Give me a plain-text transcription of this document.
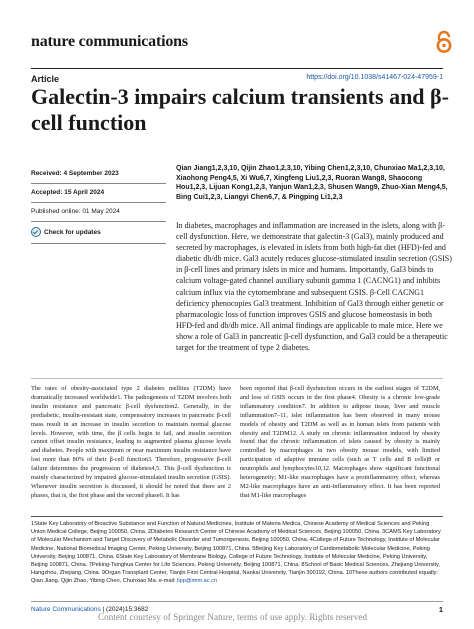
nature communications
Article	https://doi.org/10.1038/s41467-024-47959-1
Galectin-3 impairs calcium transients and β-cell function
Received: 4 September 2023
Accepted: 15 April 2024
Published online: 01 May 2024
Check for updates
Qian Jiang1,2,3,10, Qijin Zhao1,2,3,10, Yibing Chen1,2,3,10, Chunxiao Ma1,2,3,10, Xiaohong Peng4,5, Xi Wu6,7, Xingfeng Liu1,2,3, Ruoran Wang8, Shaocong Hou1,2,3, Lijuan Kong1,2,3, Yanjun Wan1,2,3, Shusen Wang9, Zhuo-Xian Meng4,5, Bing Cui1,2,3, Liangyi Chen6,7, & Pingping Li1,2,3
In diabetes, macrophages and inflammation are increased in the islets, along with β-cell dysfunction. Here, we demonstrate that galectin-3 (Gal3), mainly produced and secreted by macrophages, is elevated in islets from both high-fat diet (HFD)-fed and diabetic db/db mice. Gal3 acutely reduces glucose-stimulated insulin secretion (GSIS) in β-cell lines and primary islets in mice and humans. Importantly, Gal3 binds to calcium voltage-gated channel auxiliary subunit gamma 1 (CACNG1) and inhibits calcium influx via the cytomembrane and subsequent GSIS. β-Cell CACNG1 deficiency phenocopies Gal3 treatment. Inhibition of Gal3 through either genetic or pharmacologic loss of function improves GSIS and glucose homeostasis in both HFD-fed and db/db mice. All animal findings are applicable to male mice. Here we show a role of Gal3 in pancreatic β-cell dysfunction, and Gal3 could be a therapeutic target for the treatment of type 2 diabetes.
The rates of obesity-associated type 2 diabetes mellitus (T2DM) have dramatically increased worldwide1. The pathogenesis of T2DM involves both insulin resistance and pancreatic β-cell dysfunction2. Generally, in the prediabetic, insulin-resistant state, compensatory increases in pancreatic β-cell mass result in an increase in insulin secretion to maintain normal glucose levels. However, with time, the β cells begin to fail, and insulin secretion cannot offset insulin resistance, leading to augmented plasma glucose levels and diabetes. People with maximum or near maximum insulin resistance have lost more than 80% of their β-cell function3. Therefore, progressive β-cell failure determines the progression of diabetes4,5. This β-cell dysfunction is mainly characterized by impaired glucose-stimulated insulin secretion (GSIS). Whenever insulin secretion is discussed, it should be noted that there are 2 phases, that is, the first phase and the second phase6. It has
been reported that β-cell dysfunction occurs in the earliest stages of T2DM, and loss of GSIS occurs in the first phase4. Obesity is a chronic low-grade inflammatory condition7. In addition to adipose tissue, liver and muscle inflammation7–11, islet inflammation has been observed in many mouse models of obesity and T2DM as well as in human islets from patients with obesity and T2DM12. A study on chronic inflammation induced by obesity found that the chronic inflammation of islets caused by obesity is mainly controlled by macrophages in two obesity mouse models, with limited participation of adaptive immune cells (such as T cells and B cells)8 or neutrophils and lymphocytes10,12. Macrophages show significant functional heterogeneity; M1-like macrophages have a proinflammatory effect, whereas M2-like macrophages have an anti-inflammatory effect. It has been reported that M1-like macrophages
1State Key Laboratory of Bioactive Substance and Function of Natural Medicines, Institute of Materia Medica, Chinese Academy of Medical Sciences and Peking Union Medical College, Beijing 100050, China. 2Diabetes Research Center of Chinese Academy of Medical Sciences, Beijing 100050, China. 3CAMS Key Laboratory of Molecular Mechanism and Target Discovery of Metabolic Disorder and Tumorigenesis, Beijing 100050, China. 4College of Future Technology, Institute of Molecular Medicine, National Biomedical Imaging Center, Peking University, Beijing 100871, China. 5Beijing Key Laboratory of Cardiometabolic Molecular Medicine, Peking University, Beijing 100871, China. 6State Key Laboratory of Membrane Biology, College of Future Technology, Institute of Molecular Medicine, Peking University, Beijing 100871, China. 7Peking-Tsinghua Center for Life Sciences, Peking University, Beijing 100871, China. 8School of Basic Medical Sciences, Zhejiang University, Hangzhou, Zhejiang, China. 9Organ Transplant Center, Tianjin First Central Hospital, Nankai University, Tianjin 300192, China. 10These authors contributed equally: Qian Jiang, Qijin Zhao, Yibing Chen, Chunxiao Ma. e-mail: lipp@imm.ac.cn
Nature Communications | (2024)15:3682	1
Content courtesy of Springer Nature, terms of use apply. Rights reserved
